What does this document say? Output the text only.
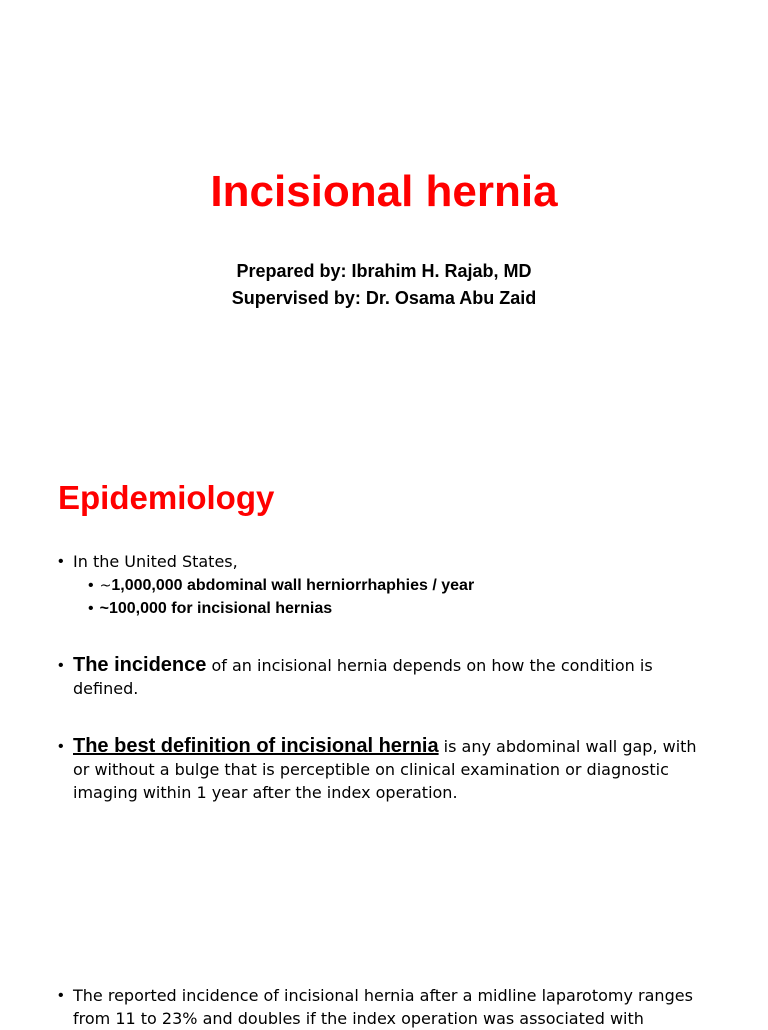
Incisional hernia
Prepared by: Ibrahim H. Rajab, MD
Supervised by: Dr. Osama Abu Zaid
Epidemiology
• In the United States,
• ~1,000,000 abdominal wall herniorrhaphies / year
• ~100,000 for incisional hernias
• The incidence of an incisional hernia depends on how the condition is defined.
• The best definition of incisional hernia is any abdominal wall gap, with or without a bulge that is perceptible on clinical examination or diagnostic imaging within 1 year after the index operation.
• The reported incidence of incisional hernia after a midline laparotomy ranges from 11 to 23% and doubles if the index operation was associated with
